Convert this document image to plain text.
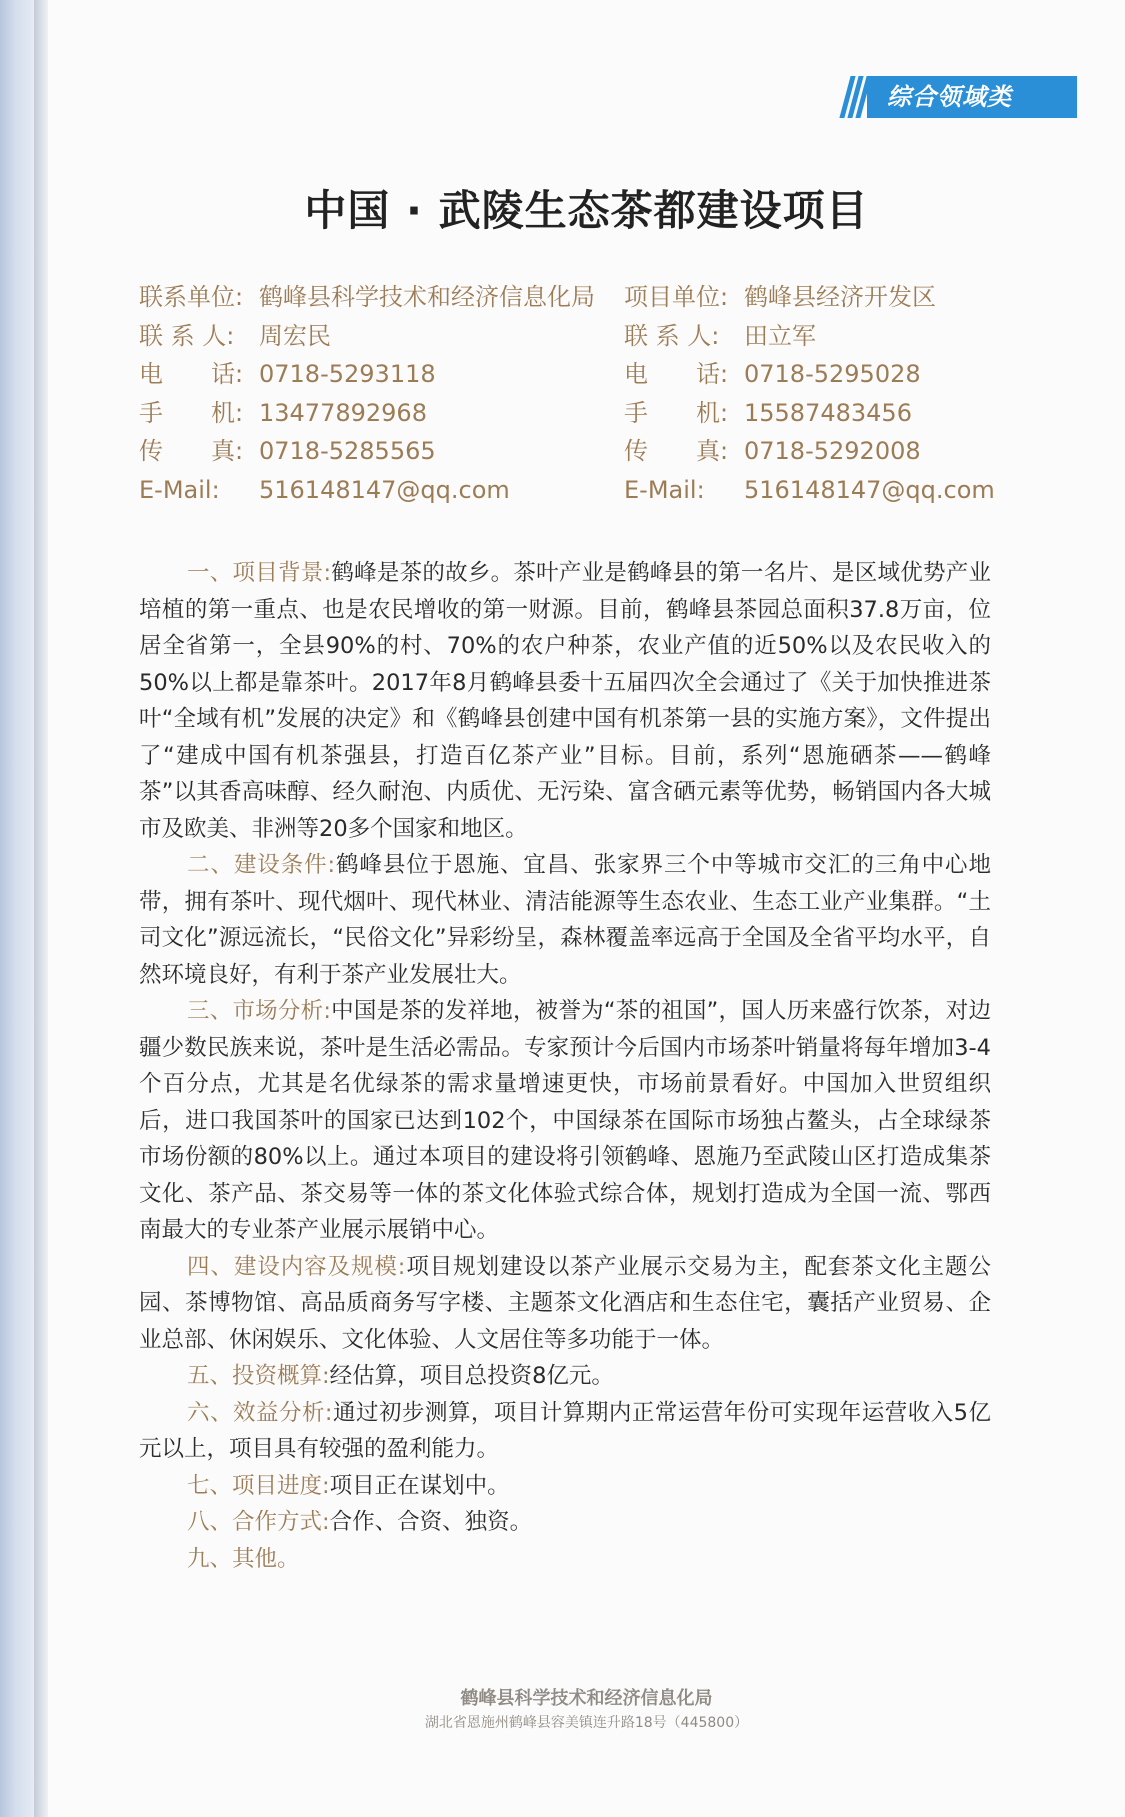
综合领域类
中国 · 武陵生态茶都建设项目
联系单位: 鹤峰县科学技术和经济信息化局 项目单位: 鹤峰县经济开发区
联 系 人: 周宏民	联 系 人: 田立军
电　　话: 0718-5293118	电　　话: 0718-5295028
手　　机: 13477892968	手　　机: 15587483456
传　　真: 0718-5285565	传　　真: 0718-5292008
E-Mail: 516148147@qq.com	E-Mail: 516148147@qq.com

一、项目背景:鹤峰是茶的故乡。茶叶产业是鹤峰县的第一名片、是区域优势产业培植的第一重点、也是农民增收的第一财源。目前，鹤峰县茶园总面积37.8万亩，位居全省第一，全县90%的村、70%的农户种茶，农业产值的近50%以及农民收入的50%以上都是靠茶叶。2017年8月鹤峰县委十五届四次全会通过了《关于加快推进茶叶“全域有机”发展的决定》和《鹤峰县创建中国有机茶第一县的实施方案》，文件提出了“建成中国有机茶强县，打造百亿茶产业”目标。目前，系列“恩施硒茶——鹤峰茶”以其香高味醇、经久耐泡、内质优、无污染、富含硒元素等优势，畅销国内各大城市及欧美、非洲等20多个国家和地区。

二、建设条件:鹤峰县位于恩施、宜昌、张家界三个中等城市交汇的三角中心地带，拥有茶叶、现代烟叶、现代林业、清洁能源等生态农业、生态工业产业集群。“土司文化”源远流长，“民俗文化”异彩纷呈，森林覆盖率远高于全国及全省平均水平，自然环境良好，有利于茶产业发展壮大。

三、市场分析:中国是茶的发祥地，被誉为“茶的祖国”，国人历来盛行饮茶，对边疆少数民族来说，茶叶是生活必需品。专家预计今后国内市场茶叶销量将每年增加3-4个百分点，尤其是名优绿茶的需求量增速更快，市场前景看好。中国加入世贸组织后，进口我国茶叶的国家已达到102个，中国绿茶在国际市场独占鳌头，占全球绿茶市场份额的80%以上。通过本项目的建设将引领鹤峰、恩施乃至武陵山区打造成集茶文化、茶产品、茶交易等一体的茶文化体验式综合体，规划打造成为全国一流、鄂西南最大的专业茶产业展示展销中心。

四、建设内容及规模:项目规划建设以茶产业展示交易为主，配套茶文化主题公园、茶博物馆、高品质商务写字楼、主题茶文化酒店和生态住宅，囊括产业贸易、企业总部、休闲娱乐、文化体验、人文居住等多功能于一体。

五、投资概算:经估算，项目总投资8亿元。

六、效益分析:通过初步测算，项目计算期内正常运营年份可实现年运营收入5亿元以上，项目具有较强的盈利能力。

七、项目进度:项目正在谋划中。

八、合作方式:合作、合资、独资。

九、其他。

鹤峰县科学技术和经济信息化局
湖北省恩施州鹤峰县容美镇连升路18号（445800）
